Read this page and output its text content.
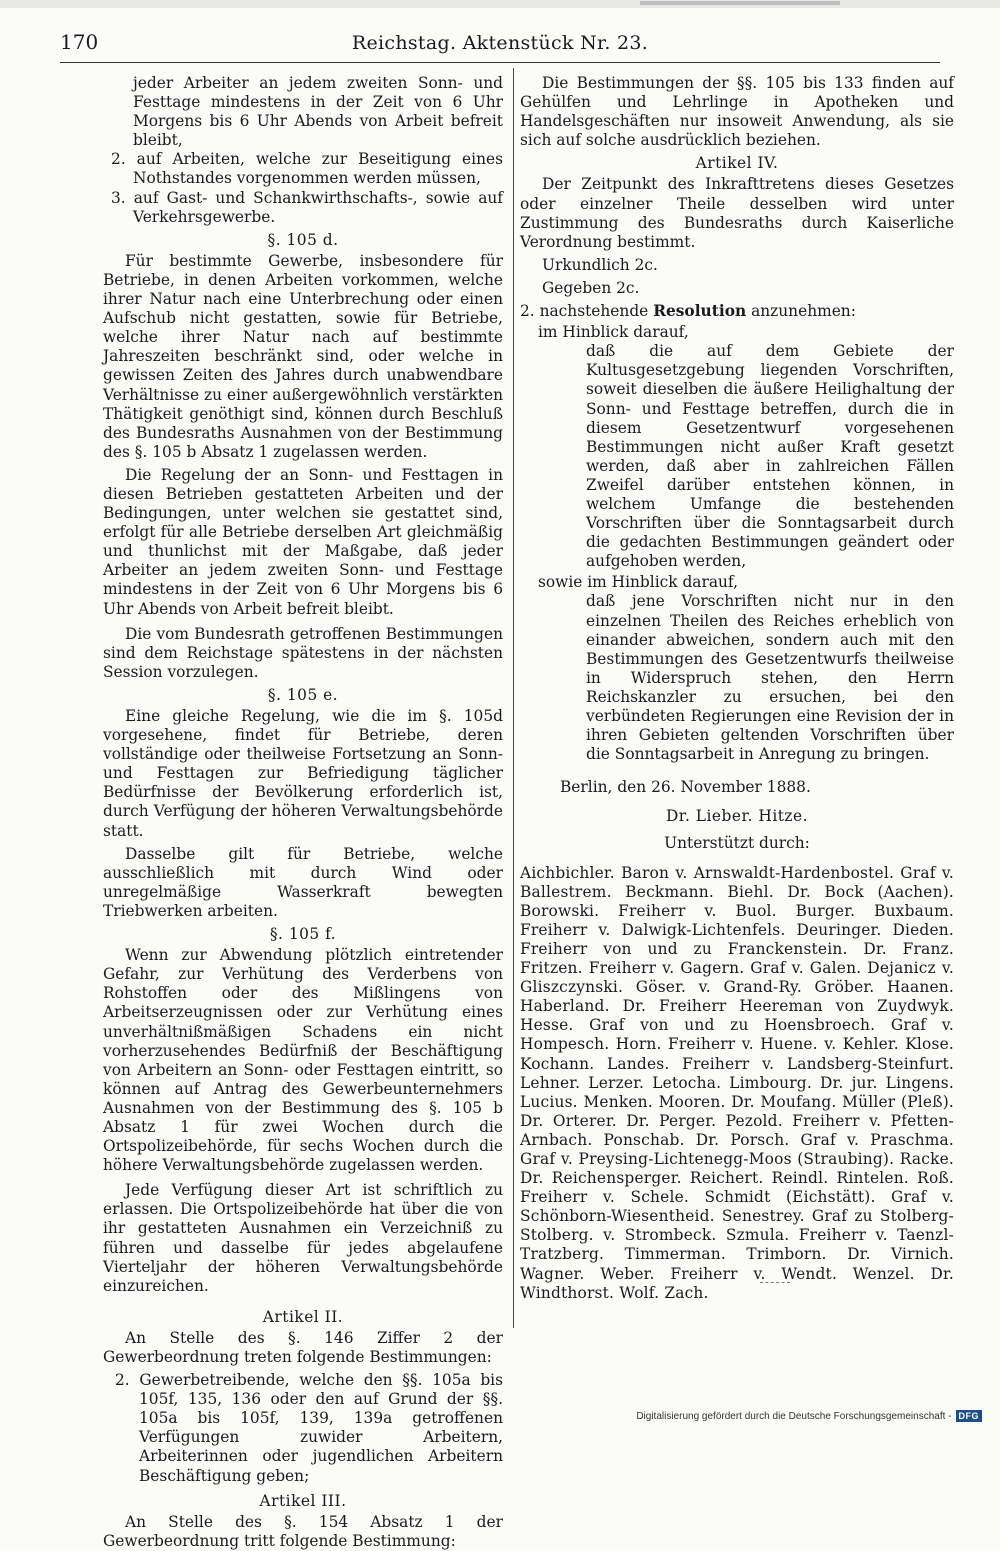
170	Reichstag. Aktenstück Nr. 23.

jeder Arbeiter an jedem zweiten Sonn- und Festtage mindestens in der Zeit von 6 Uhr Morgens bis 6 Uhr Abends von Arbeit befreit bleibt,

2. auf Arbeiten, welche zur Beseitigung eines Nothstandes vorgenommen werden müssen,

3. auf Gast- und Schankwirthschafts-, sowie auf Verkehrsgewerbe.

§. 105 d.

Für bestimmte Gewerbe, insbesondere für Betriebe, in denen Arbeiten vorkommen, welche ihrer Natur nach eine Unterbrechung oder einen Aufschub nicht gestatten, sowie für Betriebe, welche ihrer Natur nach auf bestimmte Jahreszeiten beschränkt sind, oder welche in gewissen Zeiten des Jahres durch unabwendbare Verhältnisse zu einer außergewöhnlich verstärkten Thätigkeit genöthigt sind, können durch Beschluß des Bundesraths Ausnahmen von der Bestimmung des §. 105 b Absatz 1 zugelassen werden.

Die Regelung der an Sonn- und Festtagen in diesen Betrieben gestatteten Arbeiten und der Bedingungen, unter welchen sie gestattet sind, erfolgt für alle Betriebe derselben Art gleichmäßig und thunlichst mit der Maßgabe, daß jeder Arbeiter an jedem zweiten Sonn- und Festtage mindestens in der Zeit von 6 Uhr Morgens bis 6 Uhr Abends von Arbeit befreit bleibt.

Die vom Bundesrath getroffenen Bestimmungen sind dem Reichstage spätestens in der nächsten Session vorzulegen.

§. 105 e.

Eine gleiche Regelung, wie die im §. 105d vorgesehene, findet für Betriebe, deren vollständige oder theilweise Fortsetzung an Sonn- und Festtagen zur Befriedigung täglicher Bedürfnisse der Bevölkerung erforderlich ist, durch Verfügung der höheren Verwaltungsbehörde statt.

Dasselbe gilt für Betriebe, welche ausschließlich mit durch Wind oder unregelmäßige Wasserkraft bewegten Triebwerken arbeiten.

§. 105 f.

Wenn zur Abwendung plötzlich eintretender Gefahr, zur Verhütung des Verderbens von Rohstoffen oder des Mißlingens von Arbeitserzeugnissen oder zur Verhütung eines unverhältnißmäßigen Schadens ein nicht vorherzusehendes Bedürfniß der Beschäftigung von Arbeitern an Sonn- oder Festtagen eintritt, so können auf Antrag des Gewerbeunternehmers Ausnahmen von der Bestimmung des §. 105 b Absatz 1 für zwei Wochen durch die Ortspolizeibehörde, für sechs Wochen durch die höhere Verwaltungsbehörde zugelassen werden.

Jede Verfügung dieser Art ist schriftlich zu erlassen. Die Ortspolizeibehörde hat über die von ihr gestatteten Ausnahmen ein Verzeichniß zu führen und dasselbe für jedes abgelaufene Vierteljahr der höheren Verwaltungsbehörde einzureichen.

Artikel II.

An Stelle des §. 146 Ziffer 2 der Gewerbeordnung treten folgende Bestimmungen:

2. Gewerbetreibende, welche den §§. 105a bis 105f, 135, 136 oder den auf Grund der §§. 105a bis 105f, 139, 139a getroffenen Verfügungen zuwider Arbeitern, Arbeiterinnen oder jugendlichen Arbeitern Beschäftigung geben;

Artikel III.

An Stelle des §. 154 Absatz 1 der Gewerbeordnung tritt folgende Bestimmung:

Die Bestimmungen der §§. 105 bis 133 finden auf Gehülfen und Lehrlinge in Apotheken und Handelsgeschäften nur insoweit Anwendung, als sie sich auf solche ausdrücklich beziehen.

Artikel IV.

Der Zeitpunkt des Inkrafttretens dieses Gesetzes oder einzelner Theile desselben wird unter Zustimmung des Bundesraths durch Kaiserliche Verordnung bestimmt.

Urkundlich 2c.

Gegeben 2c.

2. nachstehende Resolution anzunehmen:

im Hinblick darauf,

daß die auf dem Gebiete der Kultusgesetzgebung liegenden Vorschriften, soweit dieselben die äußere Heilighaltung der Sonn- und Festtage betreffen, durch die in diesem Gesetzentwurf vorgesehenen Bestimmungen nicht außer Kraft gesetzt werden, daß aber in zahlreichen Fällen Zweifel darüber entstehen können, in welchem Umfange die bestehenden Vorschriften über die Sonntagsarbeit durch die gedachten Bestimmungen geändert oder aufgehoben werden,

sowie im Hinblick darauf,

daß jene Vorschriften nicht nur in den einzelnen Theilen des Reiches erheblich von einander abweichen, sondern auch mit den Bestimmungen des Gesetzentwurfs theilweise in Widerspruch stehen, den Herrn Reichskanzler zu ersuchen, bei den verbündeten Regierungen eine Revision der in ihren Gebieten geltenden Vorschriften über die Sonntagsarbeit in Anregung zu bringen.

Berlin, den 26. November 1888.

Dr. Lieber. Hitze.
Unterstützt durch:

Aichbichler. Baron v. Arnswaldt-Hardenbostel. Graf v. Ballestrem. Beckmann. Biehl. Dr. Bock (Aachen). Borowski. Freiherr v. Buol. Burger. Buxbaum. Freiherr v. Dalwigk-Lichtenfels. Deuringer. Dieden. Freiherr von und zu Franckenstein. Dr. Franz. Fritzen. Freiherr v. Gagern. Graf v. Galen. Dejanicz v. Gliszczynski. Göser. v. Grand-Ry. Gröber. Haanen. Haberland. Dr. Freiherr Heereman von Zuydwyk. Hesse. Graf von und zu Hoensbroech. Graf v. Hompesch. Horn. Freiherr v. Huene. v. Kehler. Klose. Kochann. Landes. Freiherr v. Landsberg-Steinfurt. Lehner. Lerzer. Letocha. Limbourg. Dr. jur. Lingens. Lucius. Menken. Mooren. Dr. Moufang. Müller (Pleß). Dr. Orterer. Dr. Perger. Pezold. Freiherr v. Pfetten-Arnbach. Ponschab. Dr. Porsch. Graf v. Praschma. Graf v. Preysing-Lichtenegg-Moos (Straubing). Racke. Dr. Reichensperger. Reichert. Reindl. Rintelen. Roß. Freiherr v. Schele. Schmidt (Eichstätt). Graf v. Schönborn-Wiesentheid. Senestrey. Graf zu Stolberg-Stolberg. v. Strombeck. Szmula. Freiherr v. Taenzl-Tratzberg. Timmerman. Trimborn. Dr. Virnich. Wagner. Weber. Freiherr v. Wendt. Wenzel. Dr. Windthorst. Wolf. Zach.

Digitalisierung gefördert durch die Deutsche Forschungsgemeinschaft - DFG
